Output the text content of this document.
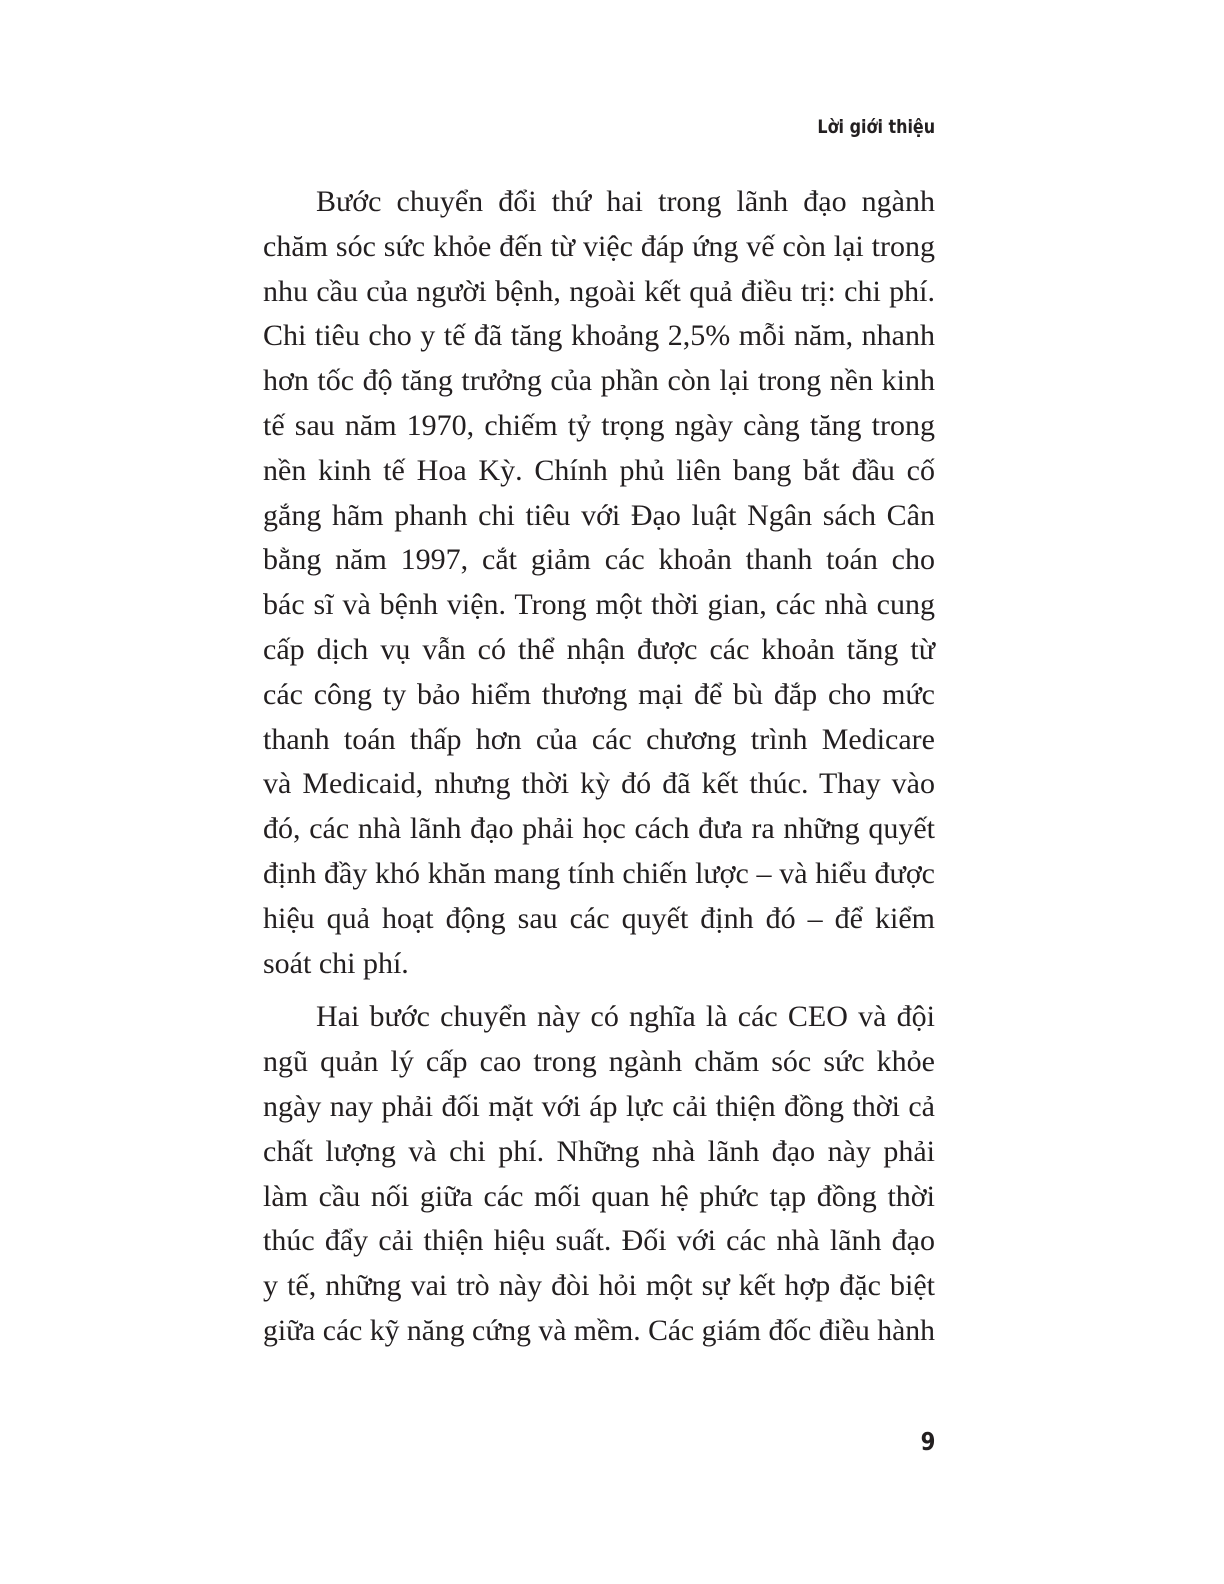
Lời giới thiệu

Bước chuyển đổi thứ hai trong lãnh đạo ngành
chăm sóc sức khỏe đến từ việc đáp ứng vế còn lại trong
nhu cầu của người bệnh, ngoài kết quả điều trị: chi phí.
Chi tiêu cho y tế đã tăng khoảng 2,5% mỗi năm, nhanh
hơn tốc độ tăng trưởng của phần còn lại trong nền kinh
tế sau năm 1970, chiếm tỷ trọng ngày càng tăng trong
nền kinh tế Hoa Kỳ. Chính phủ liên bang bắt đầu cố
gắng hãm phanh chi tiêu với Đạo luật Ngân sách Cân
bằng năm 1997, cắt giảm các khoản thanh toán cho
bác sĩ và bệnh viện. Trong một thời gian, các nhà cung
cấp dịch vụ vẫn có thể nhận được các khoản tăng từ
các công ty bảo hiểm thương mại để bù đắp cho mức
thanh toán thấp hơn của các chương trình Medicare
và Medicaid, nhưng thời kỳ đó đã kết thúc. Thay vào
đó, các nhà lãnh đạo phải học cách đưa ra những quyết
định đầy khó khăn mang tính chiến lược – và hiểu được
hiệu quả hoạt động sau các quyết định đó – để kiểm
soát chi phí.

Hai bước chuyển này có nghĩa là các CEO và đội
ngũ quản lý cấp cao trong ngành chăm sóc sức khỏe
ngày nay phải đối mặt với áp lực cải thiện đồng thời cả
chất lượng và chi phí. Những nhà lãnh đạo này phải
làm cầu nối giữa các mối quan hệ phức tạp đồng thời
thúc đẩy cải thiện hiệu suất. Đối với các nhà lãnh đạo
y tế, những vai trò này đòi hỏi một sự kết hợp đặc biệt
giữa các kỹ năng cứng và mềm. Các giám đốc điều hành

9
